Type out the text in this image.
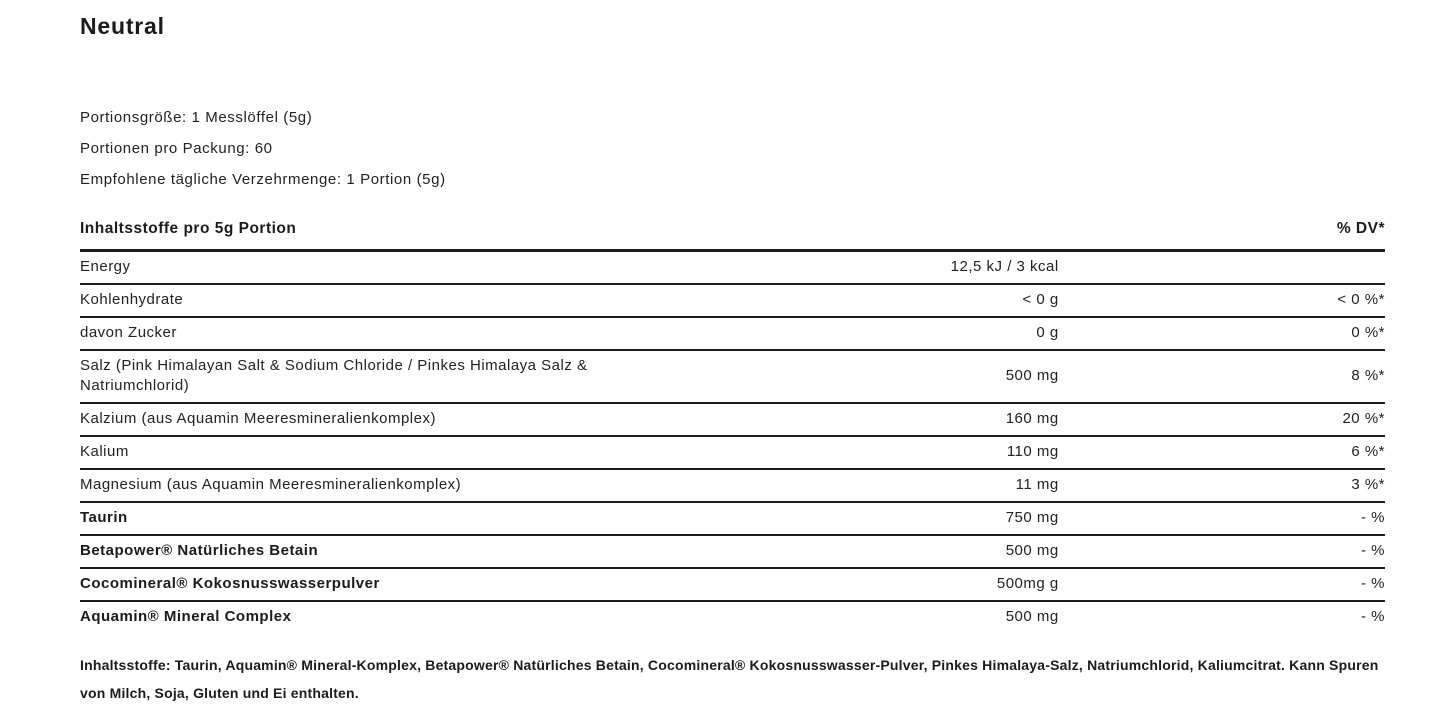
Neutral
Portionsgröße: 1 Messlöffel (5g)
Portionen pro Packung: 60
Empfohlene tägliche Verzehrmenge: 1 Portion (5g)
Inhaltsstoffe pro 5g Portion		% DV*
Energy	12,5 kJ / 3 kcal	
Kohlenhydrate	< 0 g	< 0 %*
davon Zucker	0 g	0 %*
Salz (Pink Himalayan Salt & Sodium Chloride / Pinkes Himalaya Salz & Natriumchlorid)	500 mg	8 %*
Kalzium (aus Aquamin Meeresmineralienkomplex)	160 mg	20 %*
Kalium	110 mg	6 %*
Magnesium (aus Aquamin Meeresmineralienkomplex)	11 mg	3 %*
Taurin	750 mg	- %
Betapower® Natürliches Betain	500 mg	- %
Cocomineral® Kokosnusswasserpulver	500mg g	- %
Aquamin® Mineral Complex	500 mg	- %

Inhaltsstoffe: Taurin, Aquamin® Mineral-Komplex, Betapower® Natürliches Betain, Cocomineral® Kokosnusswasser-Pulver, Pinkes Himalaya-Salz, Natriumchlorid, Kaliumcitrat. Kann Spuren von Milch, Soja, Gluten und Ei enthalten.
